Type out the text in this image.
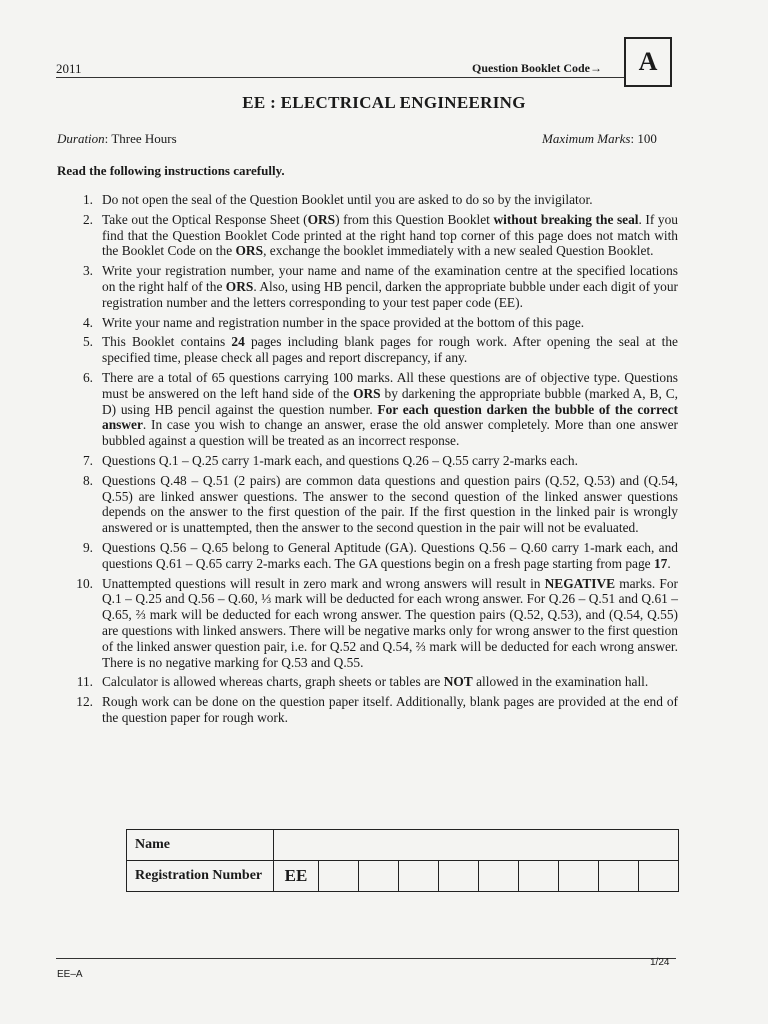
2011	Question Booklet Code→	A
EE : ELECTRICAL ENGINEERING
Duration: Three Hours	Maximum Marks: 100
Read the following instructions carefully.
1. Do not open the seal of the Question Booklet until you are asked to do so by the invigilator.
2. Take out the Optical Response Sheet (ORS) from this Question Booklet without breaking the seal. If you find that the Question Booklet Code printed at the right hand top corner of this page does not match with the Booklet Code on the ORS, exchange the booklet immediately with a new sealed Question Booklet.
3. Write your registration number, your name and name of the examination centre at the specified locations on the right half of the ORS. Also, using HB pencil, darken the appropriate bubble under each digit of your registration number and the letters corresponding to your test paper code (EE).
4. Write your name and registration number in the space provided at the bottom of this page.
5. This Booklet contains 24 pages including blank pages for rough work. After opening the seal at the specified time, please check all pages and report discrepancy, if any.
6. There are a total of 65 questions carrying 100 marks. All these questions are of objective type. Questions must be answered on the left hand side of the ORS by darkening the appropriate bubble (marked A, B, C, D) using HB pencil against the question number. For each question darken the bubble of the correct answer. In case you wish to change an answer, erase the old answer completely. More than one answer bubbled against a question will be treated as an incorrect response.
7. Questions Q.1 – Q.25 carry 1-mark each, and questions Q.26 – Q.55 carry 2-marks each.
8. Questions Q.48 – Q.51 (2 pairs) are common data questions and question pairs (Q.52, Q.53) and (Q.54, Q.55) are linked answer questions. The answer to the second question of the linked answer questions depends on the answer to the first question of the pair. If the first question in the linked pair is wrongly answered or is unattempted, then the answer to the second question in the pair will not be evaluated.
9. Questions Q.56 – Q.65 belong to General Aptitude (GA). Questions Q.56 – Q.60 carry 1-mark each, and questions Q.61 – Q.65 carry 2-marks each. The GA questions begin on a fresh page starting from page 17.
10. Unattempted questions will result in zero mark and wrong answers will result in NEGATIVE marks. For Q.1 – Q.25 and Q.56 – Q.60, ⅓ mark will be deducted for each wrong answer. For Q.26 – Q.51 and Q.61 – Q.65, ⅔ mark will be deducted for each wrong answer. The question pairs (Q.52, Q.53), and (Q.54, Q.55) are questions with linked answers. There will be negative marks only for wrong answer to the first question of the linked answer question pair, i.e. for Q.52 and Q.54, ⅔ mark will be deducted for each wrong answer. There is no negative marking for Q.53 and Q.55.
11. Calculator is allowed whereas charts, graph sheets or tables are NOT allowed in the examination hall.
12. Rough work can be done on the question paper itself. Additionally, blank pages are provided at the end of the question paper for rough work.
Name										
Registration Number	EE									
EE–A
1/24
